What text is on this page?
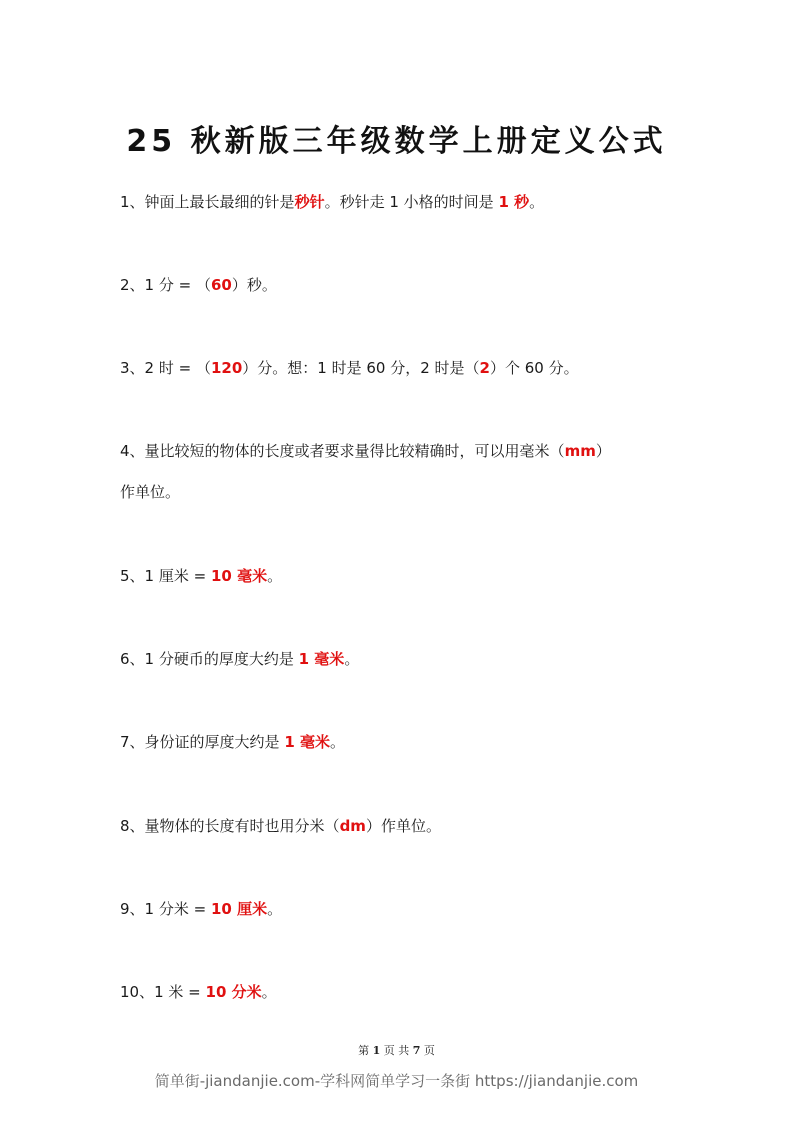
25 秋新版三年级数学上册定义公式
1、钟面上最长最细的针是秒针。秒针走 1 小格的时间是 1 秒。
2、1 分 = （60）秒。
3、2 时 = （120）分。想：1 时是 60 分，2 时是（2）个 60 分。
4、量比较短的物体的长度或者要求量得比较精确时，可以用毫米（mm）
作单位。
5、1 厘米 = 10 毫米。
6、1 分硬币的厚度大约是 1 毫米。
7、身份证的厚度大约是 1 毫米。
8、量物体的长度有时也用分米（dm）作单位。
9、1 分米 = 10 厘米。
10、1 米 = 10 分米。
第 1 页 共 7 页
简单街-jiandanjie.com-学科网简单学习一条街 https://jiandanjie.com
